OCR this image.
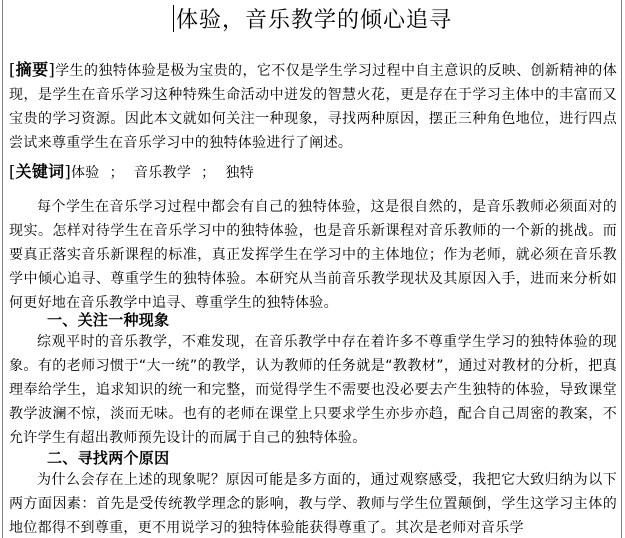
体验，音乐教学的倾心追寻
[摘要]学生的独特体验是极为宝贵的，它不仅是学生学习过程中自主意识的反映、创新精神的体现，是学生在音乐学习这种特殊生命活动中迸发的智慧火花，更是存在于学习主体中的丰富而又宝贵的学习资源。因此本文就如何关注一种现象，寻找两种原因，摆正三种角色地位，进行四点尝试来尊重学生在音乐学习中的独特体验进行了阐述。
[关键词]体验 ； 音乐教学 ； 独特
每个学生在音乐学习过程中都会有自己的独特体验，这是很自然的，是音乐教师必须面对的现实。怎样对待学生在音乐学习中的独特体验，也是音乐新课程对音乐教师的一个新的挑战。而要真正落实音乐新课程的标准，真正发挥学生在学习中的主体地位；作为老师，就必须在音乐教学中倾心追寻、尊重学生的独特体验。本研究从当前音乐教学现状及其原因入手，进而来分析如何更好地在音乐教学中追寻、尊重学生的独特体验。
一、关注一种现象
综观平时的音乐教学，不难发现，在音乐教学中存在着许多不尊重学生学习的独特体验的现象。有的老师习惯于“大一统”的教学，认为教师的任务就是“教教材”，通过对教材的分析，把真理奉给学生，追求知识的统一和完整，而觉得学生不需要也没必要去产生独特的体验，导致课堂教学波澜不惊，淡而无味。也有的老师在课堂上只要求学生亦步亦趋，配合自己周密的教案，不允许学生有超出教师预先设计的而属于自己的独特体验。
二、寻找两个原因
为什么会存在上述的现象呢？原因可能是多方面的，通过观察感受，我把它大致归纳为以下两方面因素：首先是受传统教学理念的影响，教与学、教师与学生位置颠倒，学生这学习主体的地位都得不到尊重，更不用说学习的独特体验能获得尊重了。其次是老师对音乐学
